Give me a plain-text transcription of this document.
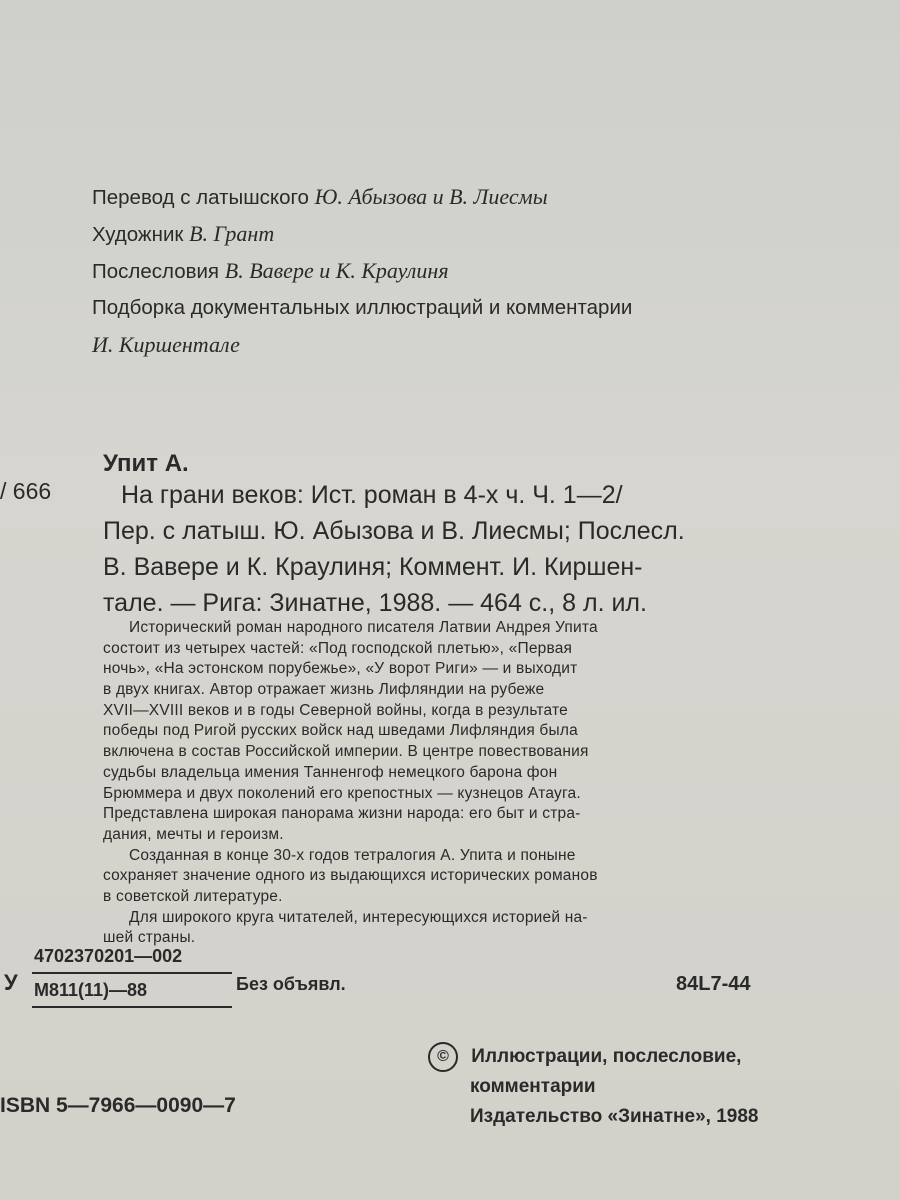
Перевод с латышского Ю. Абызова и В. Лиесмы
Художник В. Грант
Послесловия В. Вавере и К. Краулиня
Подборка документальных иллюстраций и комментарии
И. Киршентале
Упит А.
/ 666	На грани веков: Ист. роман в 4-х ч. Ч. 1—2/
Пер. с латыш. Ю. Абызова и В. Лиесмы; Послесл.
В. Вавере и К. Краулиня; Коммент. И. Киршен-
тале. — Рига: Зинатне, 1988. — 464 с., 8 л. ил.
Исторический роман народного писателя Латвии Андрея Упита
состоит из четырех частей: «Под господской плетью», «Первая
ночь», «На эстонском порубежье», «У ворот Риги» — и выходит
в двух книгах. Автор отражает жизнь Лифляндии на рубеже
XVII—XVIII веков и в годы Северной войны, когда в результате
победы под Ригой русских войск над шведами Лифляндия была
включена в состав Российской империи. В центре повествования
судьбы владельца имения Танненгоф немецкого барона фон
Брюммера и двух поколений его крепостных — кузнецов Атауга.
Представлена широкая панорама жизни народа: его быт и стра-
дания, мечты и героизм.
Созданная в конце 30-х годов тетралогия А. Упита и поныне
сохраняет значение одного из выдающихся исторических романов
в советской литературе.
Для широкого круга читателей, интересующихся историей на-
шей страны.
У
4702370201—002
М811(11)—88	Без объявл.	84L7-44
© Иллюстрации, послесловие,
комментарии
Издательство «Зинатне», 1988
ISBN 5—7966—0090—7
